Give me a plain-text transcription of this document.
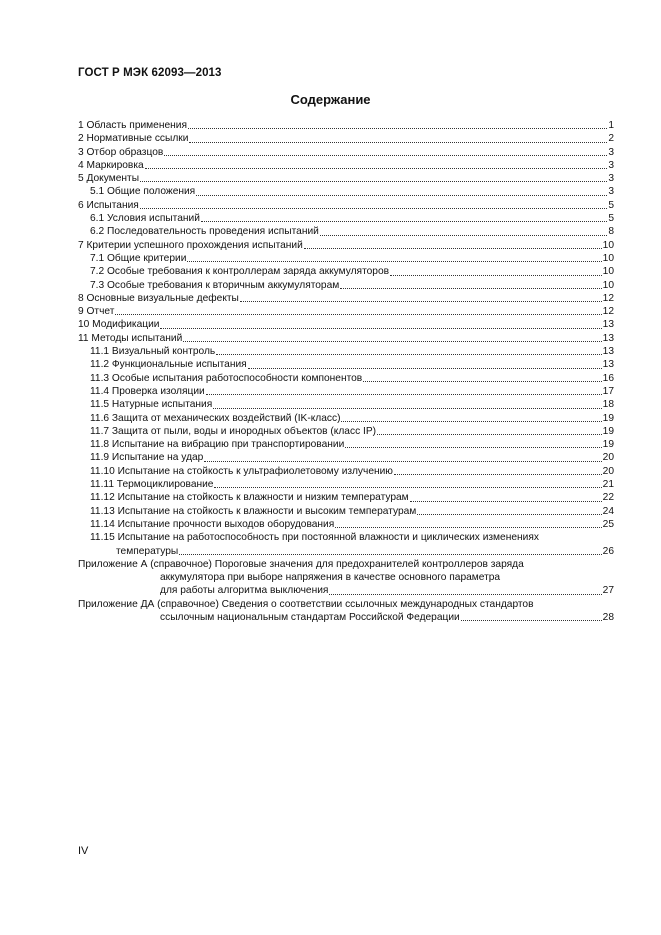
ГОСТ Р МЭК 62093—2013
Содержание
1 Область применения	1
2 Нормативные ссылки	2
3 Отбор образцов	3
4 Маркировка	3
5 Документы	3
5.1 Общие положения	3
6 Испытания	5
6.1 Условия испытаний	5
6.2 Последовательность проведения испытаний	8
7 Критерии успешного прохождения испытаний	10
7.1 Общие критерии	10
7.2 Особые требования к контроллерам заряда аккумуляторов	10
7.3 Особые требования к вторичным аккумуляторам	10
8 Основные визуальные дефекты	12
9 Отчет	12
10 Модификации	13
11 Методы испытаний	13
11.1 Визуальный контроль	13
11.2 Функциональные испытания	13
11.3 Особые испытания работоспособности компонентов	16
11.4 Проверка изоляции	17
11.5 Натурные испытания	18
11.6 Защита от механических воздействий (IK-класс)	19
11.7 Защита от пыли, воды и инородных объектов (класс IP)	19
11.8 Испытание на вибрацию при транспортировании	19
11.9 Испытание на удар	20
11.10 Испытание на стойкость к ультрафиолетовому излучению	20
11.11 Термоциклирование	21
11.12 Испытание на стойкость к влажности и низким температурам	22
11.13 Испытание на стойкость к влажности и высоким температурам	24
11.14 Испытание прочности выходов оборудования	25
11.15 Испытание на работоспособность при постоянной влажности и циклических изменениях
температуры	26
Приложение А (справочное) Пороговые значения для предохранителей контроллеров заряда
аккумулятора при выборе напряжения в качестве основного параметра
для работы алгоритма выключения	27
Приложение ДА (справочное) Сведения о соответствии ссылочных международных стандартов
ссылочным национальным стандартам Российской Федерации	28
IV
